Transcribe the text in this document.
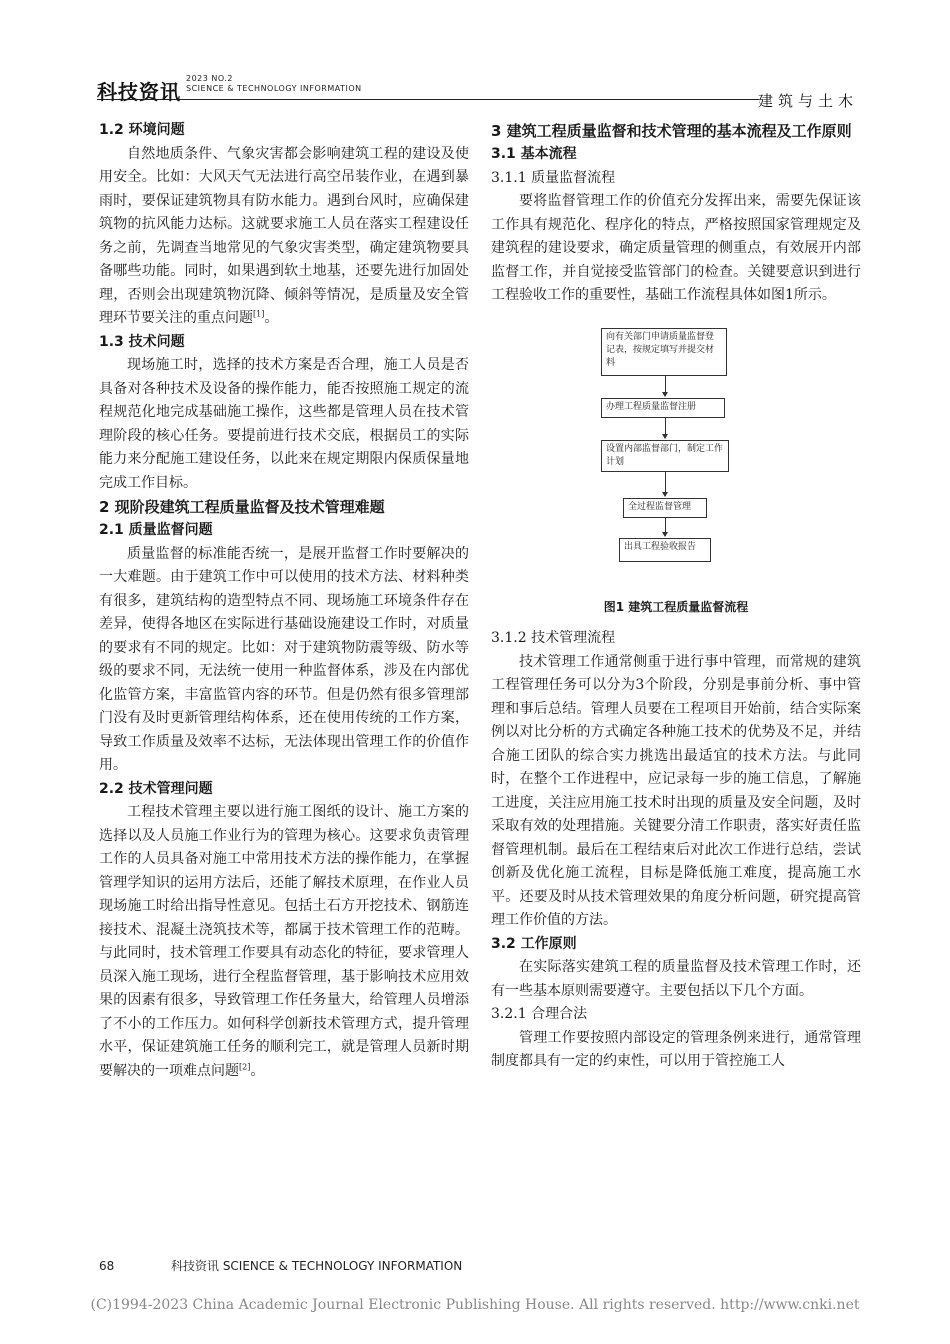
科技资讯
2023 NO.2
SCIENCE & TECHNOLOGY INFORMATION
建筑与土木

1.2 环境问题

自然地质条件、气象灾害都会影响建筑工程的建设及使用安全。比如：大风天气无法进行高空吊装作业，在遇到暴雨时，要保证建筑物具有防水能力。遇到台风时，应确保建筑物的抗风能力达标。这就要求施工人员在落实工程建设任务之前，先调查当地常见的气象灾害类型，确定建筑物要具备哪些功能。同时，如果遇到软土地基，还要先进行加固处理，否则会出现建筑物沉降、倾斜等情况，是质量及安全管理环节要关注的重点问题[1]。

1.3 技术问题

现场施工时，选择的技术方案是否合理，施工人员是否具备对各种技术及设备的操作能力，能否按照施工规定的流程规范化地完成基础施工操作，这些都是管理人员在技术管理阶段的核心任务。要提前进行技术交底，根据员工的实际能力来分配施工建设任务，以此来在规定期限内保质保量地完成工作目标。

2 现阶段建筑工程质量监督及技术管理难题

2.1 质量监督问题

质量监督的标准能否统一，是展开监督工作时要解决的一大难题。由于建筑工作中可以使用的技术方法、材料种类有很多，建筑结构的造型特点不同、现场施工环境条件存在差异，使得各地区在实际进行基础设施建设工作时，对质量的要求有不同的规定。比如：对于建筑物防震等级、防水等级的要求不同，无法统一使用一种监督体系，涉及在内部优化监管方案，丰富监管内容的环节。但是仍然有很多管理部门没有及时更新管理结构体系，还在使用传统的工作方案，导致工作质量及效率不达标，无法体现出管理工作的价值作用。

2.2 技术管理问题

工程技术管理主要以进行施工图纸的设计、施工方案的选择以及人员施工作业行为的管理为核心。这要求负责管理工作的人员具备对施工中常用技术方法的操作能力，在掌握管理学知识的运用方法后，还能了解技术原理，在作业人员现场施工时给出指导性意见。包括土石方开挖技术、钢筋连接技术、混凝土浇筑技术等，都属于技术管理工作的范畴。与此同时，技术管理工作要具有动态化的特征，要求管理人员深入施工现场，进行全程监督管理，基于影响技术应用效果的因素有很多，导致管理工作任务量大，给管理人员增添了不小的工作压力。如何科学创新技术管理方式，提升管理水平，保证建筑施工任务的顺利完工，就是管理人员新时期要解决的一项难点问题[2]。

3 建筑工程质量监督和技术管理的基本流程及工作原则

3.1 基本流程

3.1.1 质量监督流程

要将监督管理工作的价值充分发挥出来，需要先保证该工作具有规范化、程序化的特点，严格按照国家管理规定及建筑程的建设要求，确定质量管理的侧重点，有效展开内部监督工作，并自觉接受监管部门的检查。关键要意识到进行工程验收工作的重要性，基础工作流程具体如图1所示。

向有关部门申请质量监督登记表，按规定填写并提交材料
办理工程质量监督注册
设置内部监督部门，制定工作计划
全过程监督管理
出具工程验收报告

图1 建筑工程质量监督流程

3.1.2 技术管理流程

技术管理工作通常侧重于进行事中管理，而常规的建筑工程管理任务可以分为3个阶段，分别是事前分析、事中管理和事后总结。管理人员要在工程项目开始前，结合实际案例以对比分析的方式确定各种施工技术的优势及不足，并结合施工团队的综合实力挑选出最适宜的技术方法。与此同时，在整个工作进程中，应记录每一步的施工信息，了解施工进度，关注应用施工技术时出现的质量及安全问题，及时采取有效的处理措施。关键要分清工作职责，落实好责任监督管理机制。最后在工程结束后对此次工作进行总结，尝试创新及优化施工流程，目标是降低施工难度，提高施工水平。还要及时从技术管理效果的角度分析问题，研究提高管理工作价值的方法。

3.2 工作原则

在实际落实建筑工程的质量监督及技术管理工作时，还有一些基本原则需要遵守。主要包括以下几个方面。

3.2.1 合理合法

管理工作要按照内部设定的管理条例来进行，通常管理制度都具有一定的约束性，可以用于管控施工人

68	科技资讯 SCIENCE & TECHNOLOGY INFORMATION
(C)1994-2023 China Academic Journal Electronic Publishing House. All rights reserved. http://www.cnki.net
